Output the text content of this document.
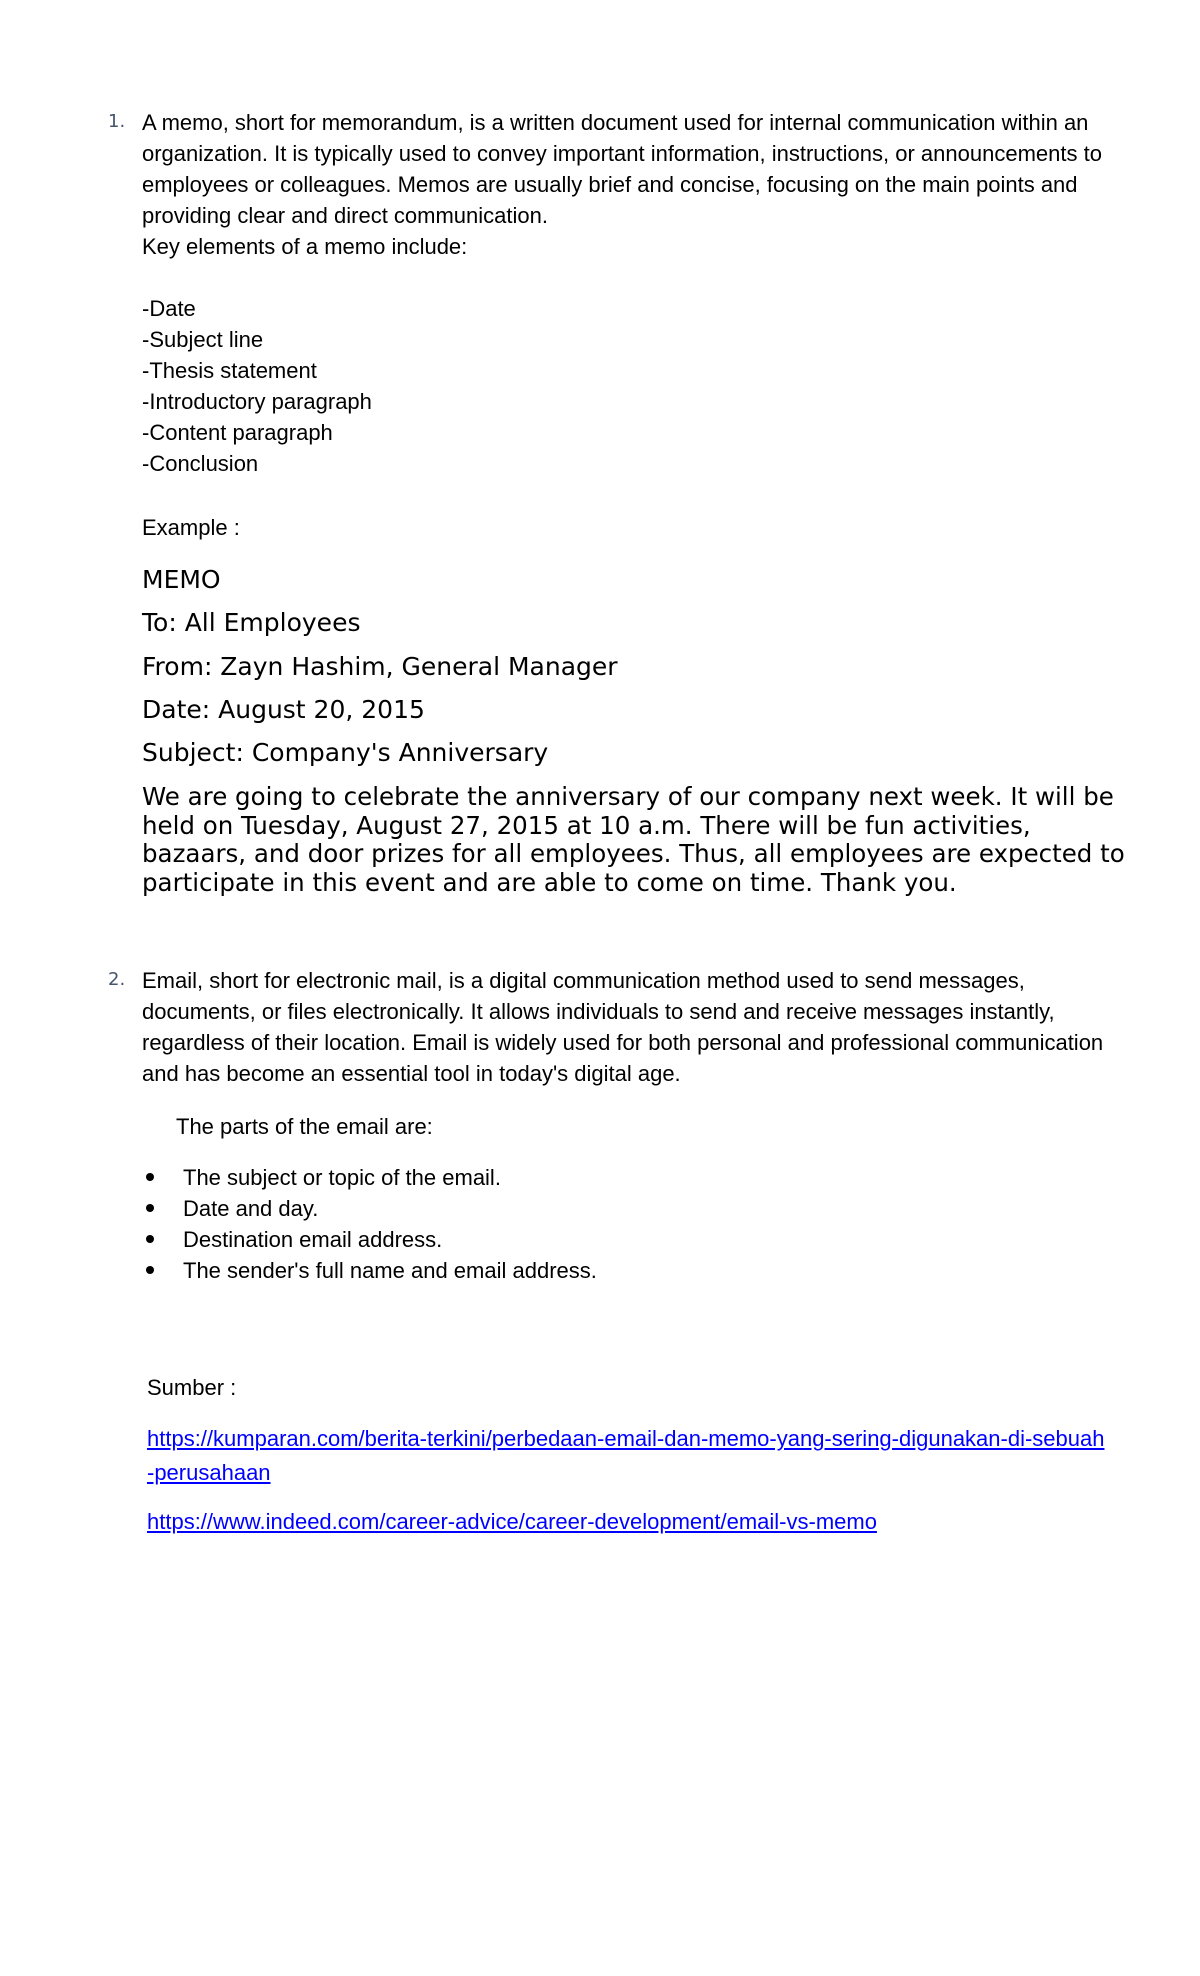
1. A memo, short for memorandum, is a written document used for internal communication within an organization. It is typically used to convey important information, instructions, or announcements to employees or colleagues. Memos are usually brief and concise, focusing on the main points and providing clear and direct communication.

Key elements of a memo include:
-Date
-Subject line
-Thesis statement
-Introductory paragraph
-Content paragraph
-Conclusion
Example :
MEMO
To: All Employees
From: Zayn Hashim, General Manager
Date: August 20, 2015
Subject: Company's Anniversary

We are going to celebrate the anniversary of our company next week. It will be held on Tuesday, August 27, 2015 at 10 a.m. There will be fun activities, bazaars, and door prizes for all employees. Thus, all employees are expected to participate in this event and are able to come on time. Thank you.

2. Email, short for electronic mail, is a digital communication method used to send messages, documents, or files electronically. It allows individuals to send and receive messages instantly, regardless of their location. Email is widely used for both personal and professional communication and has become an essential tool in today's digital age.

The parts of the email are:
The subject or topic of the email.
Date and day.
Destination email address.
The sender's full name and email address.
Sumber :
https://kumparan.com/berita-terkini/perbedaan-email-dan-memo-yang-sering-digunakan-di-sebuah-perusahaan
https://www.indeed.com/career-advice/career-development/email-vs-memo
